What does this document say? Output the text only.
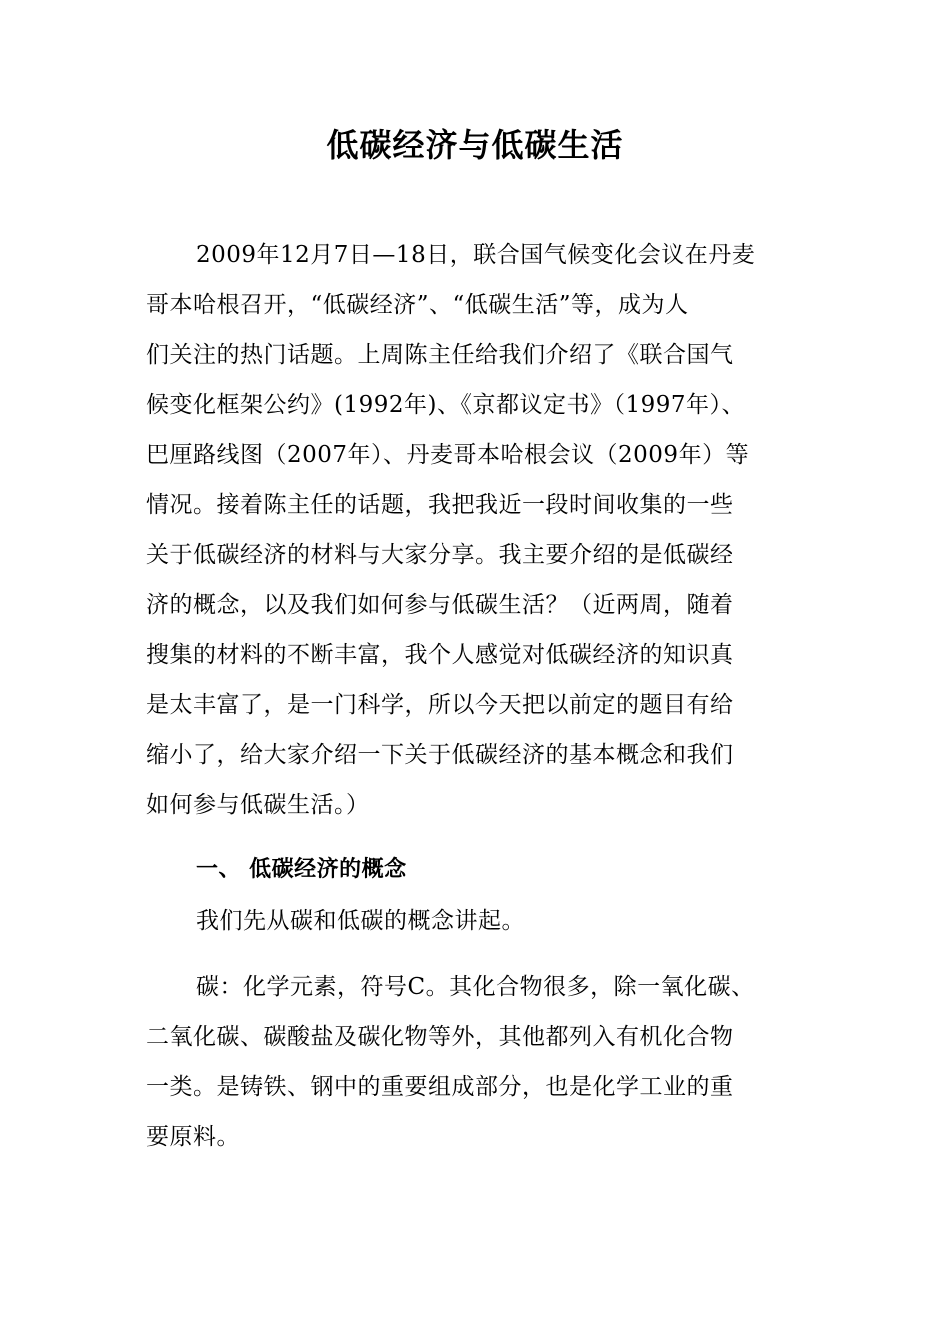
低碳经济与低碳生活
2009年12月7日—18日，联合国气候变化会议在丹麦
哥本哈根召开，“低碳经济”、“低碳生活”等，成为人
们关注的热门话题。上周陈主任给我们介绍了《联合国气
候变化框架公约》(1992年)、《京都议定书》（1997年）、
巴厘路线图（2007年）、丹麦哥本哈根会议（2009年）等
情况。接着陈主任的话题，我把我近一段时间收集的一些
关于低碳经济的材料与大家分享。我主要介绍的是低碳经
济的概念，以及我们如何参与低碳生活？（近两周，随着
搜集的材料的不断丰富，我个人感觉对低碳经济的知识真
是太丰富了，是一门科学，所以今天把以前定的题目有给
缩小了，给大家介绍一下关于低碳经济的基本概念和我们
如何参与低碳生活。）
一、 低碳经济的概念
我们先从碳和低碳的概念讲起。
碳：化学元素，符号C。其化合物很多，除一氧化碳、
二氧化碳、碳酸盐及碳化物等外，其他都列入有机化合物
一类。是铸铁、钢中的重要组成部分，也是化学工业的重
要原料。
